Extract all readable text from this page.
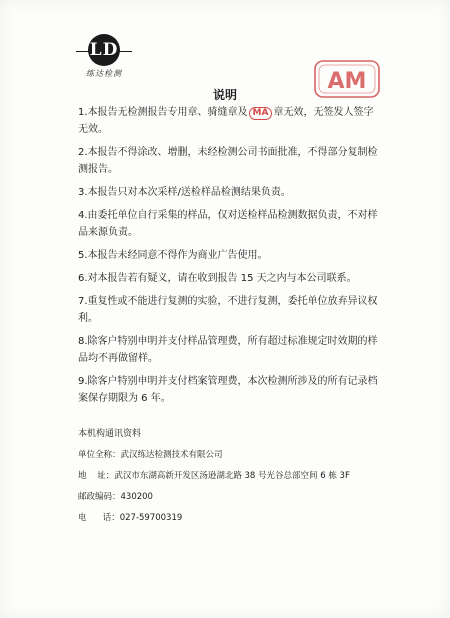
LD
练达检测	AM
说明
1.本报告无检测报告专用章、骑缝章及 MA 章无效，无签发人签字无效。
2.本报告不得涂改、增删，未经检测公司书面批准，不得部分复制检测报告。
3.本报告只对本次采样/送检样品检测结果负责。
4.由委托单位自行采集的样品，仅对送检样品检测数据负责，不对样品来源负责。
5.本报告未经同意不得作为商业广告使用。
6.对本报告若有疑义，请在收到报告 15 天之内与本公司联系。
7.重复性或不能进行复测的实验，不进行复测，委托单位放弃异议权利。
8.除客户特别申明并支付样品管理费，所有超过标准规定时效期的样品均不再做留样。
9.除客户特别申明并支付档案管理费，本次检测所涉及的所有记录档案保存期限为 6 年。
本机构通讯资料
单位全称：武汉练达检测技术有限公司
地    址：武汉市东湖高新开发区汤逊湖北路 38 号光谷总部空间 6 栋 3F
邮政编码：430200
电      话：027-59700319
